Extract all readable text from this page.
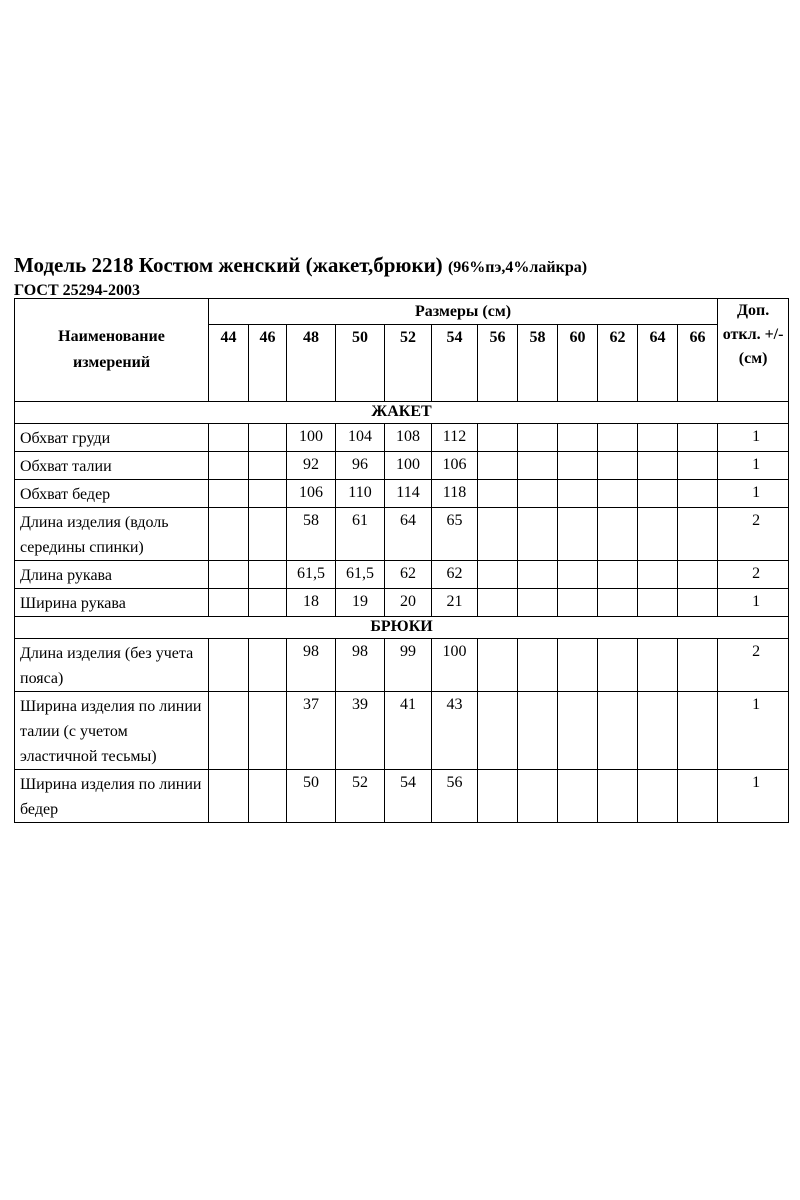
Модель 2218 Костюм женский (жакет,брюки) (96%пэ,4%лайкра)
ГОСТ 25294-2003
Наименование
измерений	Размеры (см)												Доп. откл. +/- (см)
	44	46	48	50	52	54	56	58	60	62	64	66	
ЖАКЕТ													
Обхват груди			100	104	108	112							1
Обхват талии			92	96	100	106							1
Обхват бедер			106	110	114	118							1
Длина изделия (вдоль середины спинки)			58	61	64	65							2
Длина рукава			61,5	61,5	62	62							2
Ширина рукава			18	19	20	21							1
БРЮКИ													
Длина изделия (без учета пояса)			98	98	99	100							2
Ширина изделия по линии талии (с учетом эластичной тесьмы)			37	39	41	43							1
Ширина изделия по линии бедер			50	52	54	56							1
